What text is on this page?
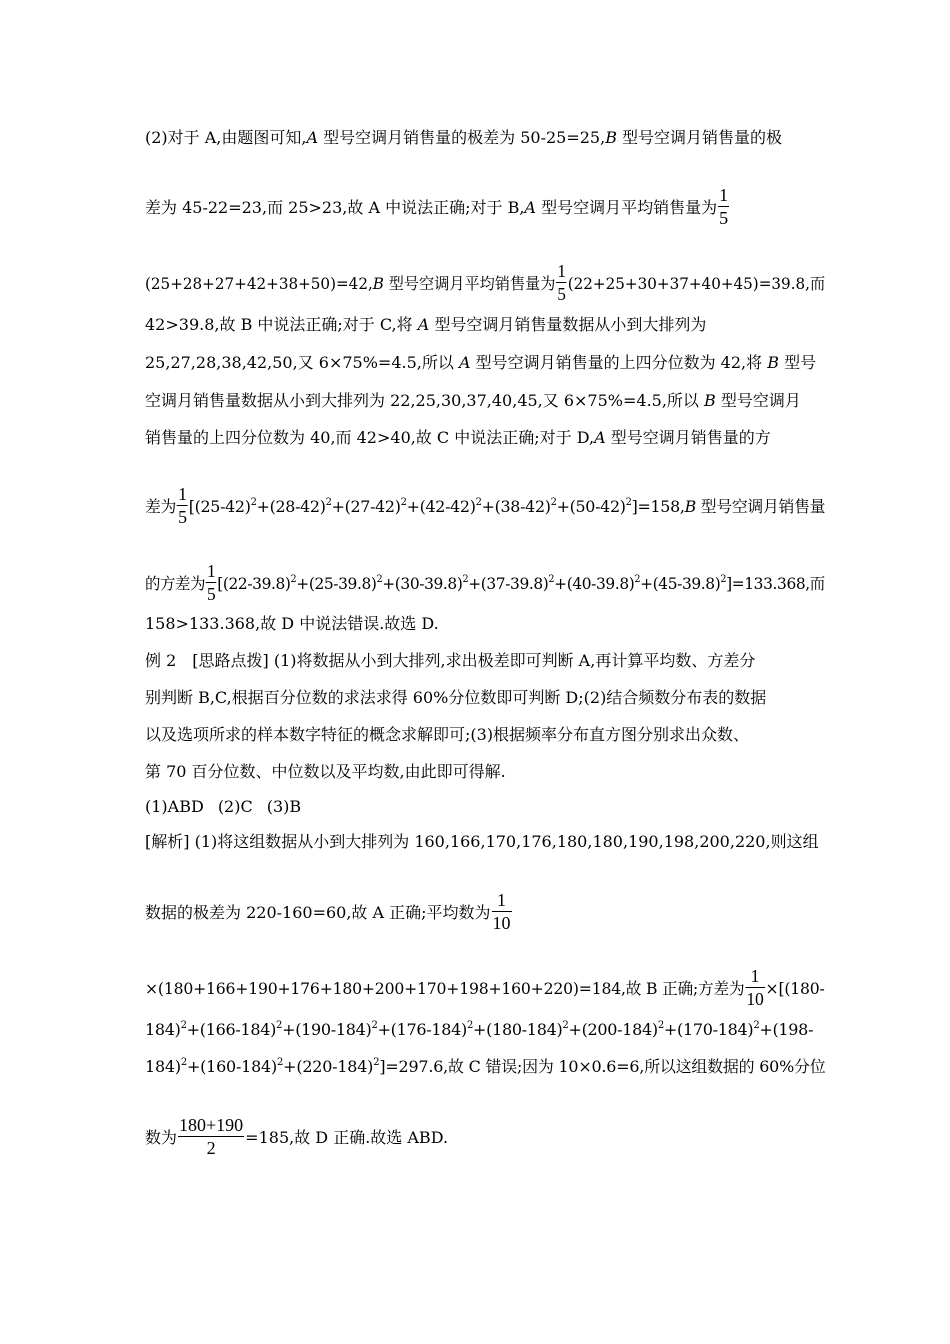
(2)对于 A,由题图可知,A 型号空调月销售量的极差为 50-25=25,B 型号空调月销售量的极
差为 45-22=23,而 25>23,故 A 中说法正确;对于 B,A 型号空调月平均销售量为 $\frac{1}{5}$
(25+28+27+42+38+50)=42,B 型号空调月平均销售量为 $\frac{1}{5} (22+25+30+37+40+45)=39.8$,而
42>39.8,故 B 中说法正确;对于 C,将 A 型号空调月销售量数据从小到大排列为
25,27,28,38,42,50,又 6×75%=4.5,所以 A 型号空调月销售量的上四分位数为 42,将 B 型号
空调月销售量数据从小到大排列为 22,25,30,37,40,45,又 6×75%=4.5,所以 B 型号空调月
销售量的上四分位数为 40,而 42>40,故 C 中说法正确;对于 D,A 型号空调月销售量的方
差为 $\frac{1}{5} [(25-42)^2+(28-42)^2+(27-42)^2+(42-42)^2+(38-42)^2+(50-42)^2]=158,B$ 型号空调月销售量
的方差为 $\frac{1}{5} [(22-39.8)^2+(25-39.8)^2+(30-39.8)^2+(37-39.8)^2+(40-39.8)^2+(45-39.8)^2]=133.368$,而
158>133.368,故 D 中说法错误.故选 D.
例 2　[思路点拨] (1)将数据从小到大排列,求出极差即可判断 A,再计算平均数、方差分
别判断 B,C,根据百分位数的求法求得 60%分位数即可判断 D;(2)结合频数分布表的数据
以及选项所求的样本数字特征的概念求解即可;(3)根据频率分布直方图分别求出众数、
第 70 百分位数、中位数以及平均数,由此即可得解.
(1)ABD (2)C (3)B
[解析] (1)将这组数据从小到大排列为 160,166,170,176,180,180,190,198,200,220,则这组
数据的极差为 220-160=60,故 A 正确;平均数为 $\frac{1}{10}$
×(180+166+190+176+180+200+170+198+160+220)=184,故 B 正确;方差为 $\frac{1}{10} \times[(180-$
$184)^2+(166-184)^2+(190-184)^2+(176-184)^2+(180-184)^2+(200-184)^2+(170-184)^2+(198-$
$184)^2+(160-184)^2+(220-184)^2]=297.6$,故 C 错误;因为 10×0.6=6,所以这组数据的 60%分位
数为 $\frac{180+190}{2} =185$,故 D 正确.故选 ABD.
